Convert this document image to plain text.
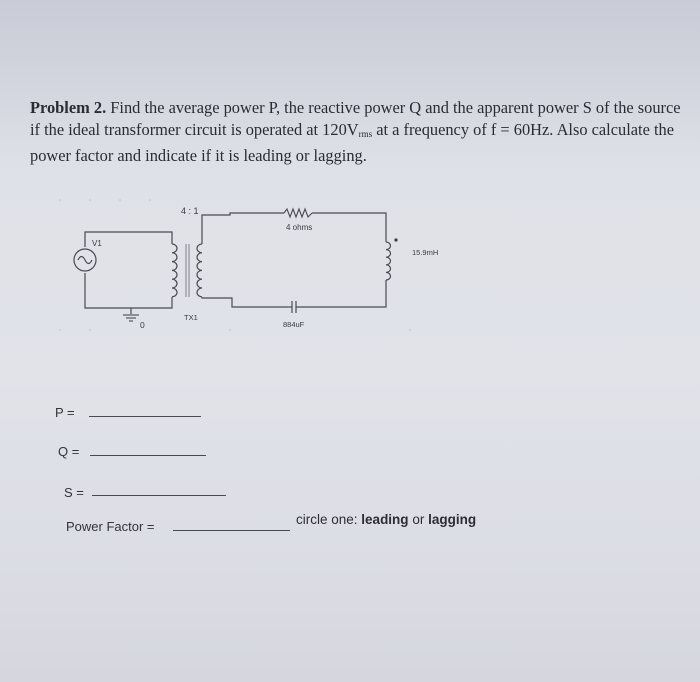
Problem 2. Find the average power P, the reactive power Q and the apparent power S of the source if the ideal transformer circuit is operated at $120V_{rms}$ at a frequency of f = 60Hz. Also calculate the power factor and indicate if it is leading or lagging.
V1
0
4 : 1
TX1
4 ohms
15.9mH
884uF
P =
Q =
S =
Power Factor =	circle one: leading or lagging
